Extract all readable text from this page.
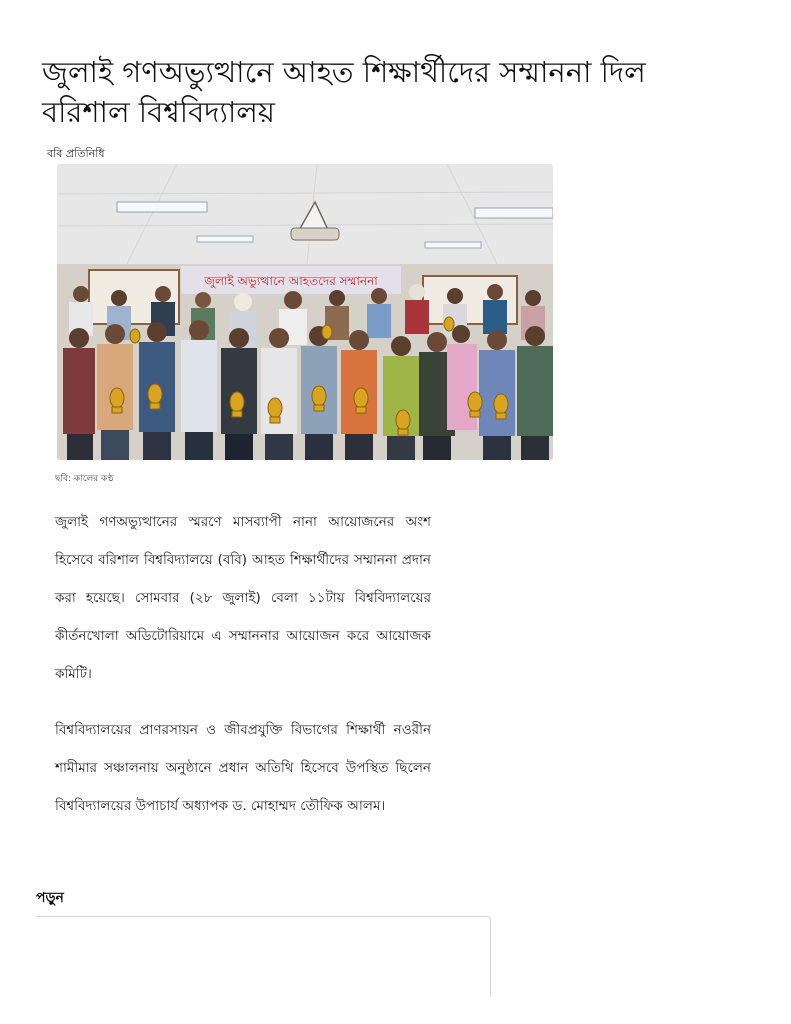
জুলাই গণঅভ্যুত্থানে আহত শিক্ষার্থীদের সম্মাননা দিল বরিশাল বিশ্ববিদ্যালয়
ববি প্রতিনিধি
জুলাই অভ্যুত্থানে আহতদের সম্মাননা
ছবি: কালের কণ্ঠ

জুলাই গণঅভ্যুত্থানের স্মরণে মাসব্যাপী নানা আয়োজনের অংশ হিসেবে বরিশাল বিশ্ববিদ্যালয়ে (ববি) আহত শিক্ষার্থীদের সম্মাননা প্রদান করা হয়েছে। সোমবার (২৮ জুলাই) বেলা ১১টায় বিশ্ববিদ্যালয়ের কীর্তনখোলা অডিটোরিয়ামে এ সম্মাননার আয়োজন করে আয়োজক কমিটি।

বিশ্ববিদ্যালয়ের প্রাণরসায়ন ও জীবপ্রযুক্তি বিভাগের শিক্ষার্থী নওরীন শামীমার সঞ্চালনায় অনুষ্ঠানে প্রধান অতিথি হিসেবে উপস্থিত ছিলেন বিশ্ববিদ্যালয়ের উপাচার্য অধ্যাপক ড. মোহাম্মদ তৌফিক আলম।

পড়ুন
